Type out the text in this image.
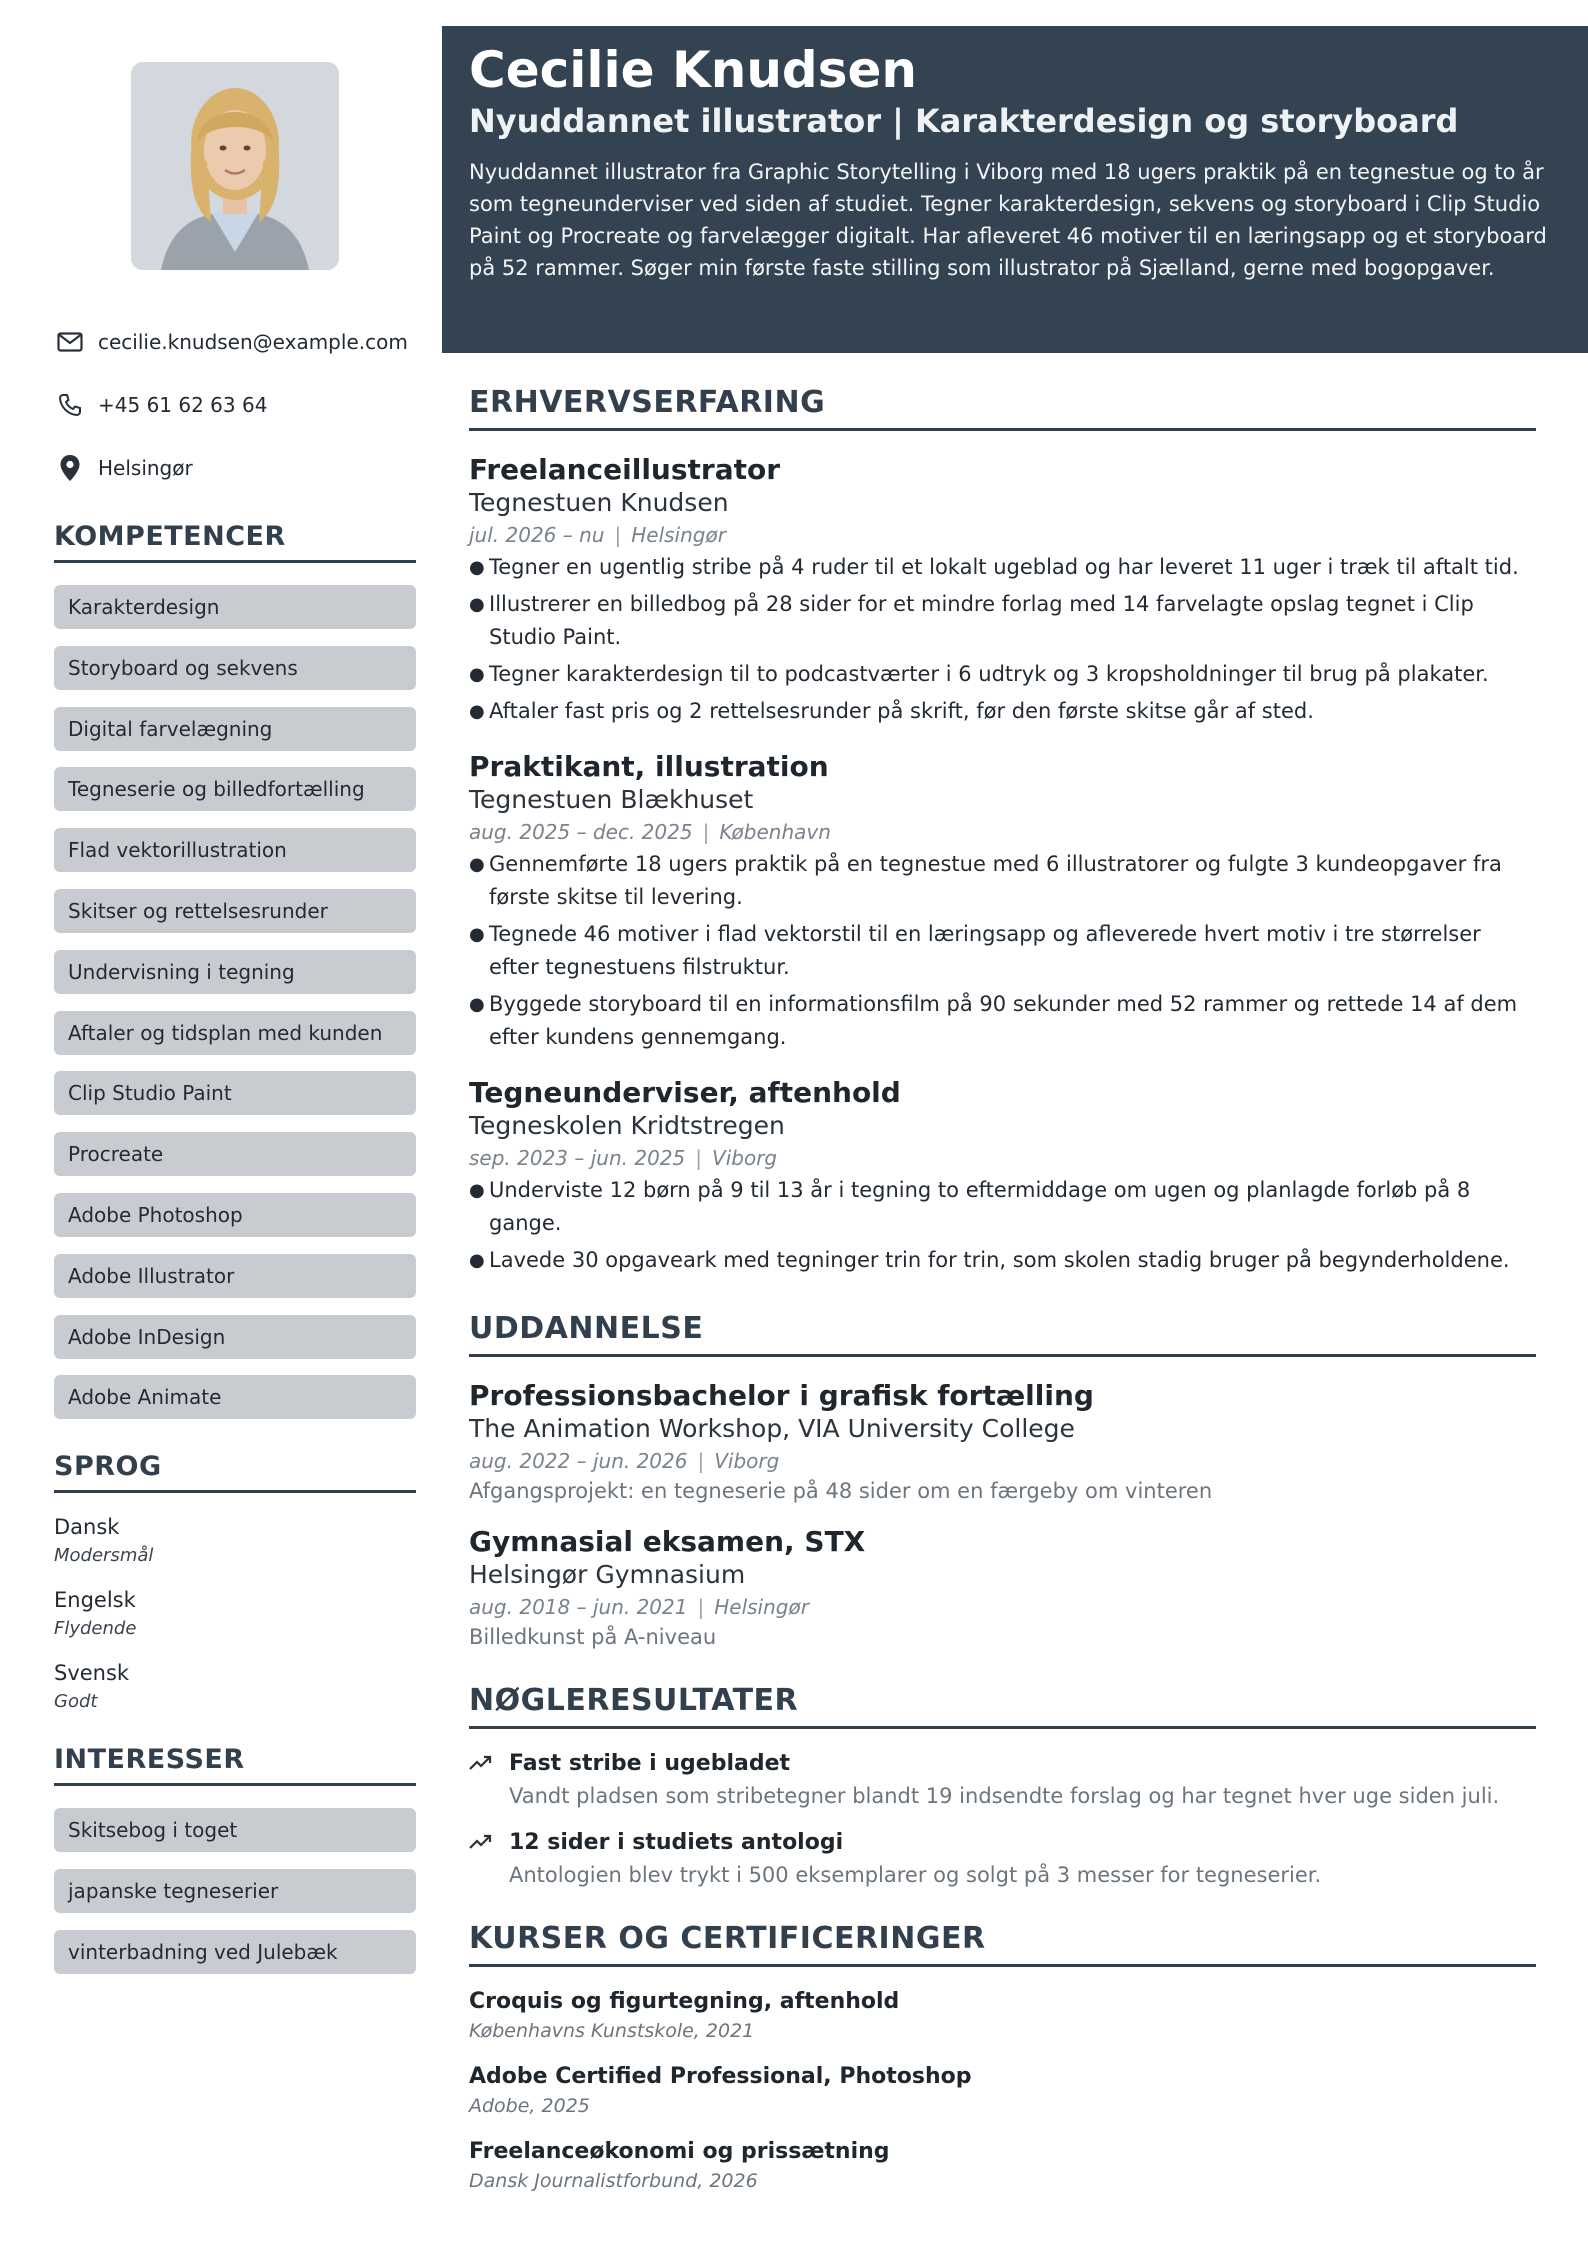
cecilie.knudsen@example.com
+45 61 62 63 64
Helsingør
KOMPETENCER
Karakterdesign
Storyboard og sekvens
Digital farvelægning
Tegneserie og billedfortælling
Flad vektorillustration
Skitser og rettelsesrunder
Undervisning i tegning
Aftaler og tidsplan med kunden
Clip Studio Paint
Procreate
Adobe Photoshop
Adobe Illustrator
Adobe InDesign
Adobe Animate
SPROG
Dansk
Modersmål
Engelsk
Flydende
Svensk
Godt
INTERESSER
Skitsebog i toget
japanske tegneserier
vinterbadning ved Julebæk
Cecilie Knudsen
Nyuddannet illustrator | Karakterdesign og storyboard

Nyuddannet illustrator fra Graphic Storytelling i Viborg med 18 ugers praktik på en tegnestue og to år som tegneunderviser ved siden af studiet. Tegner karakterdesign, sekvens og storyboard i Clip Studio Paint og Procreate og farvelægger digitalt. Har afleveret 46 motiver til en læringsapp og et storyboard på 52 rammer. Søger min første faste stilling som illustrator på Sjælland, gerne med bogopgaver.

ERHVERVSERFARING
Freelanceillustrator
Tegnestuen Knudsen
jul. 2026 – nu | Helsingør
● Tegner en ugentlig stribe på 4 ruder til et lokalt ugeblad og har leveret 11 uger i træk til aftalt tid.
● Illustrerer en billedbog på 28 sider for et mindre forlag med 14 farvelagte opslag tegnet i Clip Studio Paint.
● Tegner karakterdesign til to podcastværter i 6 udtryk og 3 kropsholdninger til brug på plakater.
● Aftaler fast pris og 2 rettelsesrunder på skrift, før den første skitse går af sted.
Praktikant, illustration
Tegnestuen Blækhuset
aug. 2025 – dec. 2025 | København
● Gennemførte 18 ugers praktik på en tegnestue med 6 illustratorer og fulgte 3 kundeopgaver fra første skitse til levering.
● Tegnede 46 motiver i flad vektorstil til en læringsapp og afleverede hvert motiv i tre størrelser efter tegnestuens filstruktur.
● Byggede storyboard til en informationsfilm på 90 sekunder med 52 rammer og rettede 14 af dem efter kundens gennemgang.
Tegneunderviser, aftenhold
Tegneskolen Kridtstregen
sep. 2023 – jun. 2025 | Viborg
● Underviste 12 børn på 9 til 13 år i tegning to eftermiddage om ugen og planlagde forløb på 8 gange.
● Lavede 30 opgaveark med tegninger trin for trin, som skolen stadig bruger på begynderholdene.
UDDANNELSE
Professionsbachelor i grafisk fortælling
The Animation Workshop, VIA University College
aug. 2022 – jun. 2026 | Viborg
Afgangsprojekt: en tegneserie på 48 sider om en færgeby om vinteren
Gymnasial eksamen, STX
Helsingør Gymnasium
aug. 2018 – jun. 2021 | Helsingør
Billedkunst på A-niveau
NØGLERESULTATER
Fast stribe i ugebladet
Vandt pladsen som stribetegner blandt 19 indsendte forslag og har tegnet hver uge siden juli.
12 sider i studiets antologi
Antologien blev trykt i 500 eksemplarer og solgt på 3 messer for tegneserier.
KURSER OG CERTIFICERINGER
Croquis og figurtegning, aftenhold
Københavns Kunstskole, 2021
Adobe Certified Professional, Photoshop
Adobe, 2025
Freelanceøkonomi og prissætning
Dansk Journalistforbund, 2026
